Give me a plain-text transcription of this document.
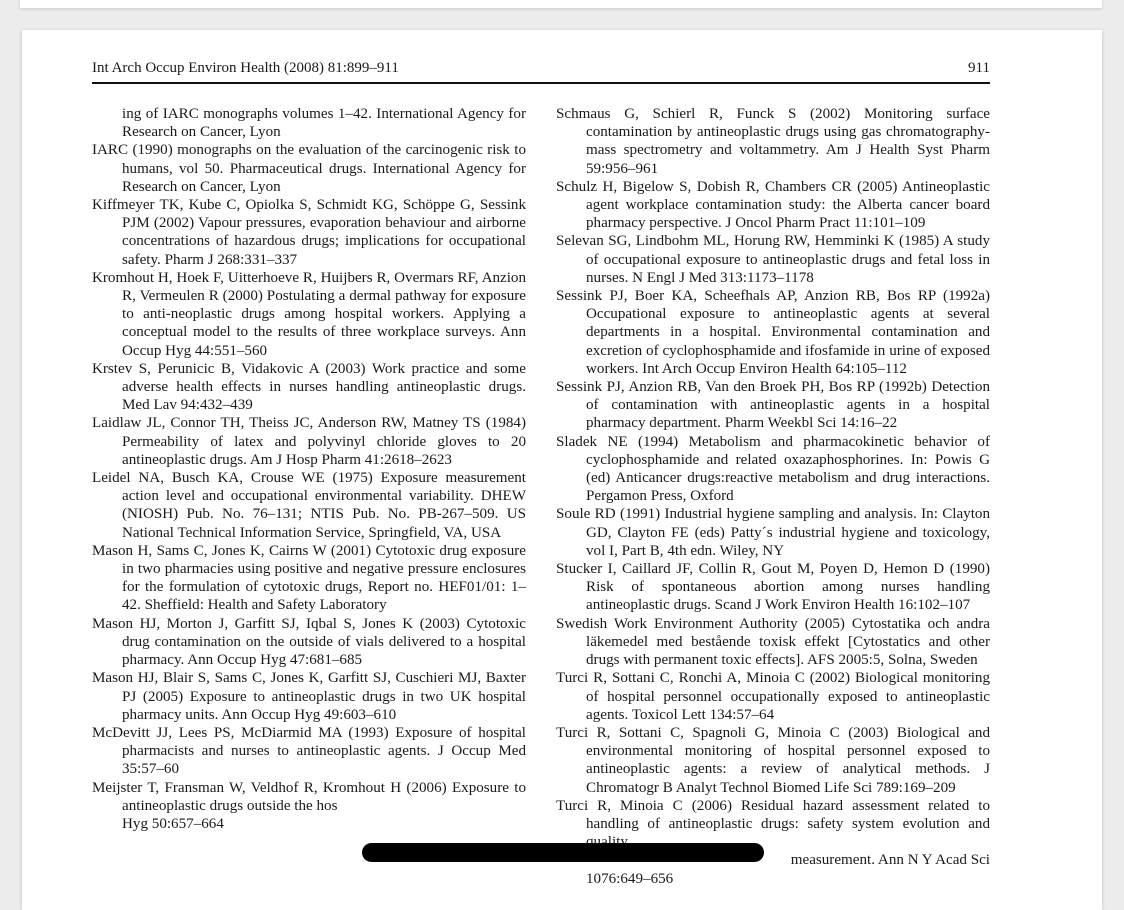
Int Arch Occup Environ Health (2008) 81:899–911	911

ing of IARC monographs volumes 1–42. International Agency for Research on Cancer, Lyon

IARC (1990) monographs on the evaluation of the carcinogenic risk to humans, vol 50. Pharmaceutical drugs. International Agency for Research on Cancer, Lyon

Kiffmeyer TK, Kube C, Opiolka S, Schmidt KG, Schöppe G, Sessink PJM (2002) Vapour pressures, evaporation behaviour and airborne concentrations of hazardous drugs; implications for occupational safety. Pharm J 268:331–337

Kromhout H, Hoek F, Uitterhoeve R, Huijbers R, Overmars RF, Anzion R, Vermeulen R (2000) Postulating a dermal pathway for exposure to anti-neoplastic drugs among hospital workers. Applying a conceptual model to the results of three workplace surveys. Ann Occup Hyg 44:551–560

Krstev S, Perunicic B, Vidakovic A (2003) Work practice and some adverse health effects in nurses handling antineoplastic drugs. Med Lav 94:432–439

Laidlaw JL, Connor TH, Theiss JC, Anderson RW, Matney TS (1984) Permeability of latex and polyvinyl chloride gloves to 20 antineoplastic drugs. Am J Hosp Pharm 41:2618–2623

Leidel NA, Busch KA, Crouse WE (1975) Exposure measurement action level and occupational environmental variability. DHEW (NIOSH) Pub. No. 76–131; NTIS Pub. No. PB-267–509. US National Technical Information Service, Springfield, VA, USA

Mason H, Sams C, Jones K, Cairns W (2001) Cytotoxic drug exposure in two pharmacies using positive and negative pressure enclosures for the formulation of cytotoxic drugs, Report no. HEF01/01: 1–42. Sheffield: Health and Safety Laboratory

Mason HJ, Morton J, Garfitt SJ, Iqbal S, Jones K (2003) Cytotoxic drug contamination on the outside of vials delivered to a hospital pharmacy. Ann Occup Hyg 47:681–685

Mason HJ, Blair S, Sams C, Jones K, Garfitt SJ, Cuschieri MJ, Baxter PJ (2005) Exposure to antineoplastic drugs in two UK hospital pharmacy units. Ann Occup Hyg 49:603–610

McDevitt JJ, Lees PS, McDiarmid MA (1993) Exposure of hospital pharmacists and nurses to antineoplastic agents. J Occup Med 35:57–60

Meijster T, Fransman W, Veldhof R, Kromhout H (2006) Exposure to antineoplastic drugs outside the hos

Hyg 50:657–664

Schmaus G, Schierl R, Funck S (2002) Monitoring surface contamination by antineoplastic drugs using gas chromatography-mass spectrometry and voltammetry. Am J Health Syst Pharm 59:956–961

Schulz H, Bigelow S, Dobish R, Chambers CR (2005) Antineoplastic agent workplace contamination study: the Alberta cancer board pharmacy perspective. J Oncol Pharm Pract 11:101–109

Selevan SG, Lindbohm ML, Horung RW, Hemminki K (1985) A study of occupational exposure to antineoplastic drugs and fetal loss in nurses. N Engl J Med 313:1173–1178

Sessink PJ, Boer KA, Scheefhals AP, Anzion RB, Bos RP (1992a) Occupational exposure to antineoplastic agents at several departments in a hospital. Environmental contamination and excretion of cyclophosphamide and ifosfamide in urine of exposed workers. Int Arch Occup Environ Health 64:105–112

Sessink PJ, Anzion RB, Van den Broek PH, Bos RP (1992b) Detection of contamination with antineoplastic agents in a hospital pharmacy department. Pharm Weekbl Sci 14:16–22

Sladek NE (1994) Metabolism and pharmacokinetic behavior of cyclophosphamide and related oxazaphosphorines. In: Powis G (ed) Anticancer drugs:reactive metabolism and drug interactions. Pergamon Press, Oxford

Soule RD (1991) Industrial hygiene sampling and analysis. In: Clayton GD, Clayton FE (eds) Patty´s industrial hygiene and toxicology, vol I, Part B, 4th edn. Wiley, NY

Stucker I, Caillard JF, Collin R, Gout M, Poyen D, Hemon D (1990) Risk of spontaneous abortion among nurses handling antineoplastic drugs. Scand J Work Environ Health 16:102–107

Swedish Work Environment Authority (2005) Cytostatika och andra läkemedel med bestående toxisk effekt [Cytostatics and other drugs with permanent toxic effects]. AFS 2005:5, Solna, Sweden

Turci R, Sottani C, Ronchi A, Minoia C (2002) Biological monitoring of hospital personnel occupationally exposed to antineoplastic agents. Toxicol Lett 134:57–64

Turci R, Sottani C, Spagnoli G, Minoia C (2003) Biological and environmental monitoring of hospital personnel exposed to antineoplastic agents: a review of analytical methods. J Chromatogr B Analyt Technol Biomed Life Sci 789:169–209

Turci R, Minoia C (2006) Residual hazard assessment related to handling of antineoplastic drugs: safety system evolution and

measurement. Ann N Y Acad Sci

1076:649–656
